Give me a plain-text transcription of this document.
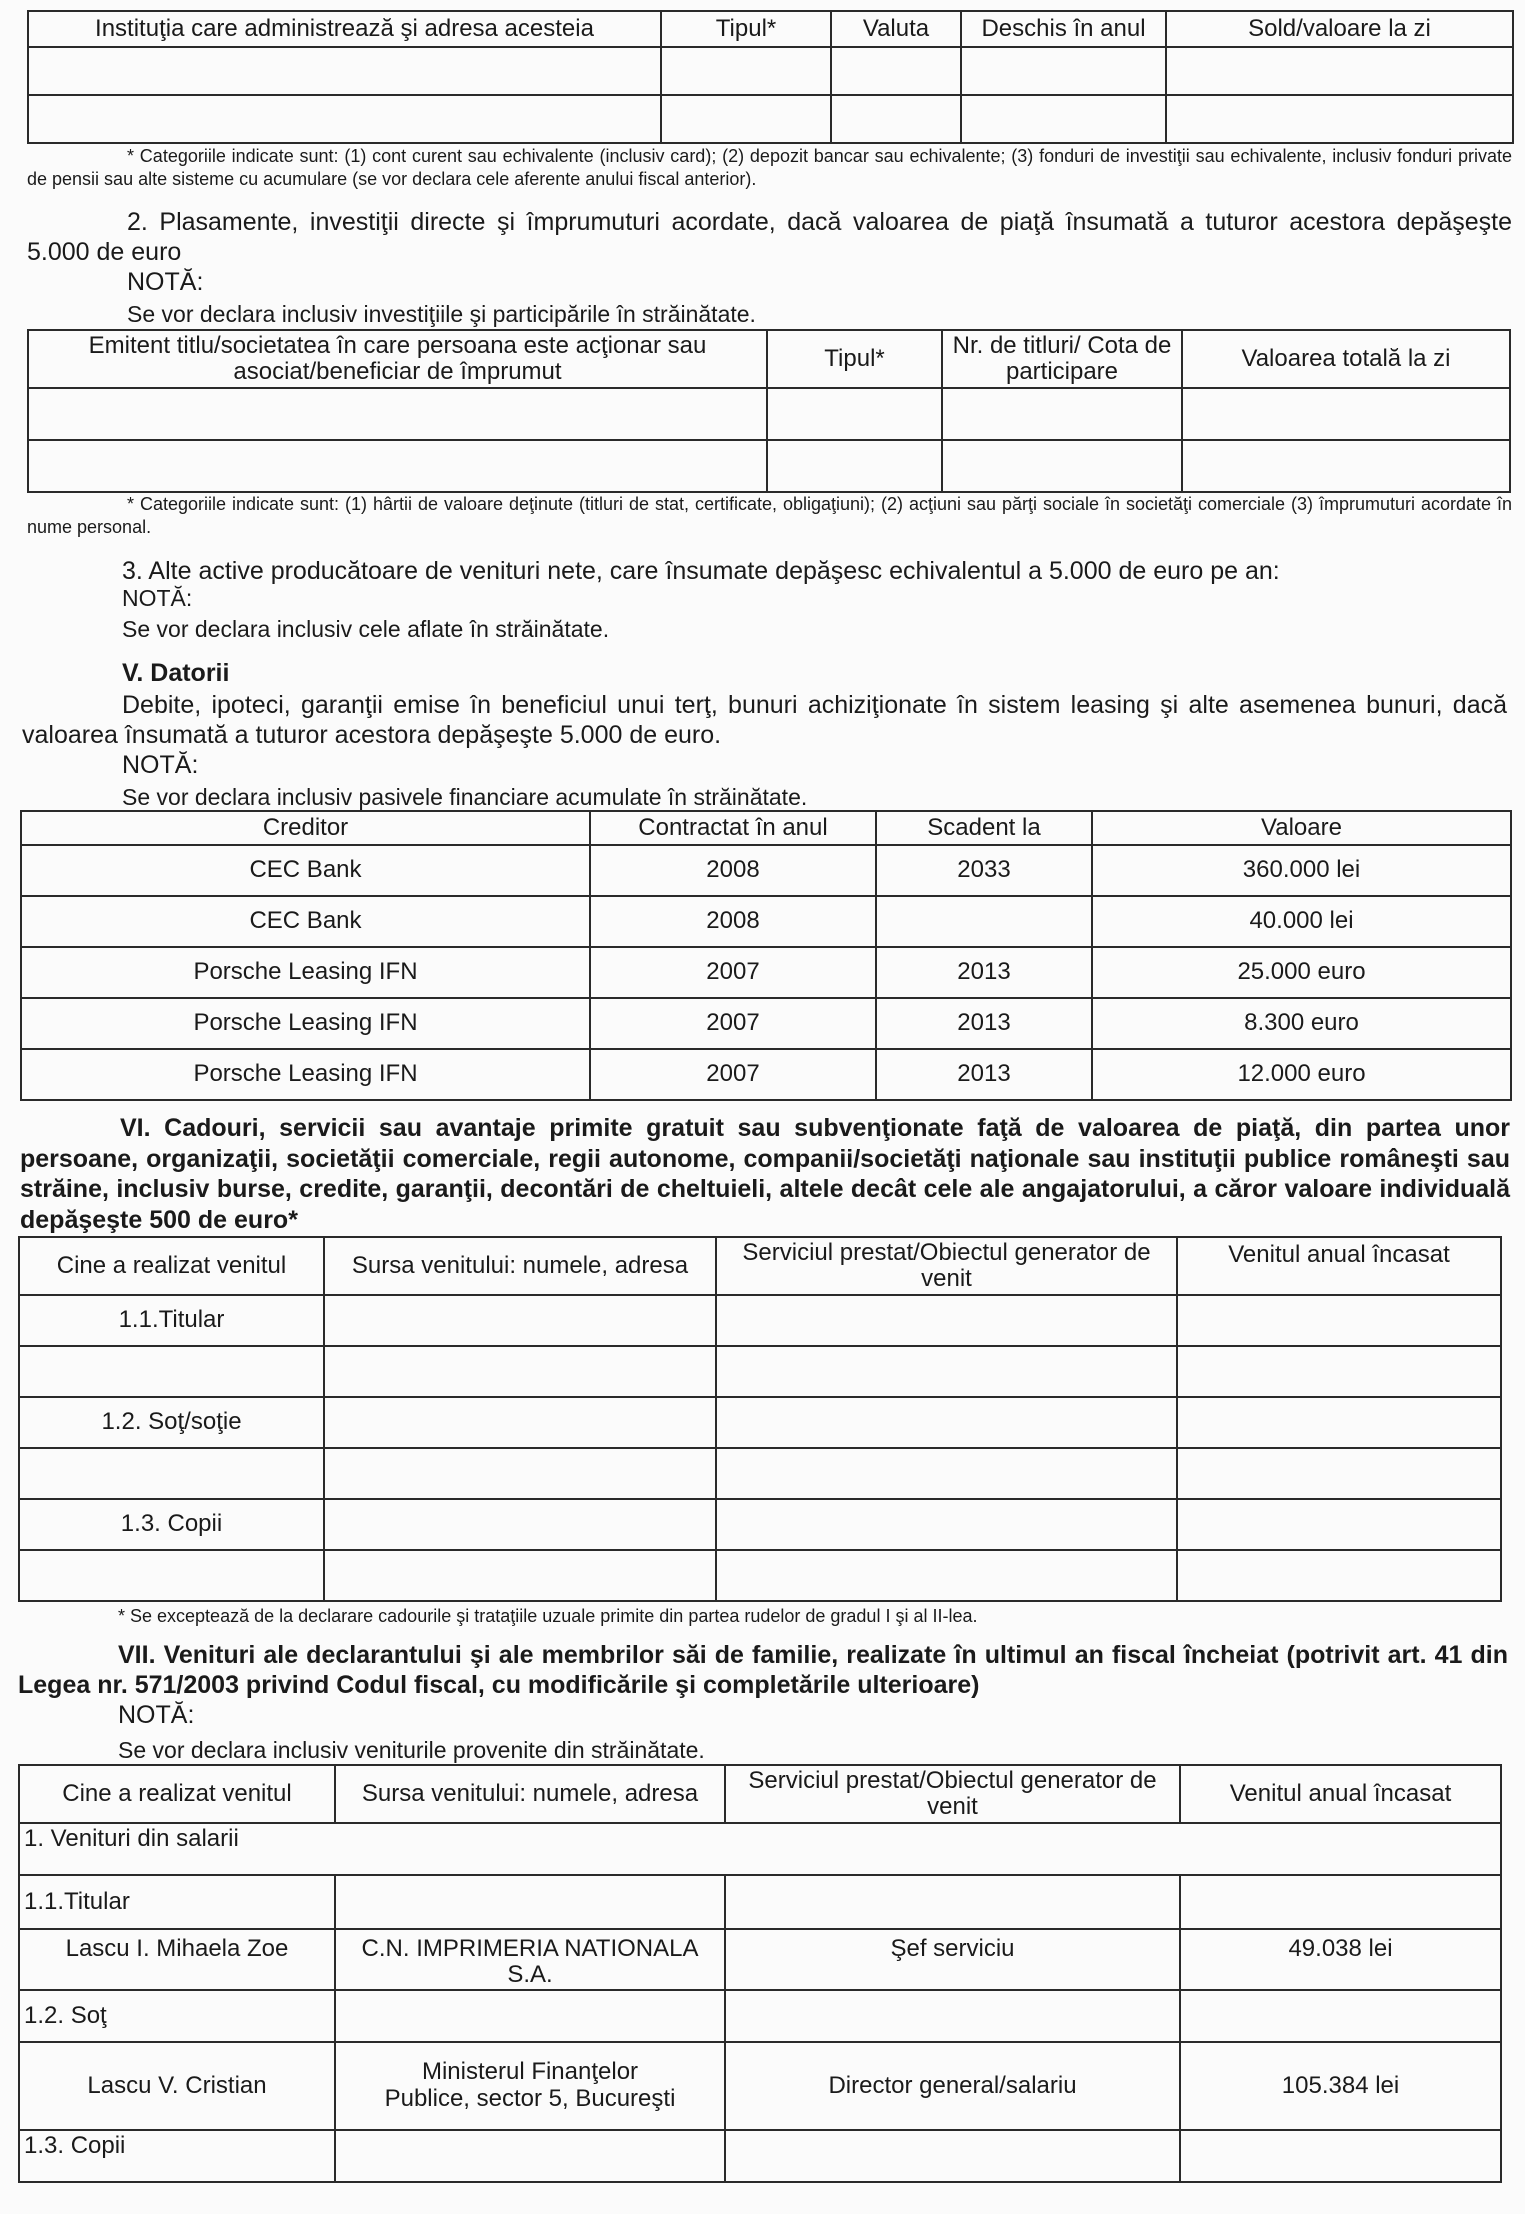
Instituţia care administrează şi adresa acesteia	Tipul*	Valuta	Deschis în anul	Sold/valoare la zi

* Categoriile indicate sunt: (1) cont curent sau echivalente (inclusiv card); (2) depozit bancar sau echivalente; (3) fonduri de investiţii sau echivalente, inclusiv fonduri private de pensii sau alte sisteme cu acumulare (se vor declara cele aferente anului fiscal anterior).
2. Plasamente, investiţii directe şi împrumuturi acordate, dacă valoarea de piaţă însumată a tuturor acestora depăşeşte 5.000 de euro
NOTĂ:
Se vor declara inclusiv investiţiile şi participările în străinătate.
Emitent titlu/societatea în care persoana este acţionar sau asociat/beneficiar de împrumut	Tipul*	Nr. de titluri/ Cota de participare	Valoarea totală la zi

* Categoriile indicate sunt: (1) hârtii de valoare deţinute (titluri de stat, certificate, obligaţiuni); (2) acţiuni sau părţi sociale în societăţi comerciale (3) împrumuturi acordate în nume personal.
3. Alte active producătoare de venituri nete, care însumate depăşesc echivalentul a 5.000 de euro pe an:
NOTĂ:
Se vor declara inclusiv cele aflate în străinătate.
V. Datorii
Debite, ipoteci, garanţii emise în beneficiul unui terţ, bunuri achiziţionate în sistem leasing şi alte asemenea bunuri, dacă valoarea însumată a tuturor acestora depăşeşte 5.000 de euro.
NOTĂ:
Se vor declara inclusiv pasivele financiare acumulate în străinătate.
Creditor	Contractat în anul	Scadent la	Valoare
CEC Bank	2008	2033	360.000 lei
CEC Bank	2008		40.000 lei
Porsche Leasing IFN	2007	2013	25.000 euro
Porsche Leasing IFN	2007	2013	8.300 euro
Porsche Leasing IFN	2007	2013	12.000 euro
VI. Cadouri, servicii sau avantaje primite gratuit sau subvenţionate faţă de valoarea de piaţă, din partea unor persoane, organizaţii, societăţii comerciale, regii autonome, companii/societăţi naţionale sau instituţii publice româneşti sau străine, inclusiv burse, credite, garanţii, decontări de cheltuieli, altele decât cele ale angajatorului, a căror valoare individuală depăşeşte 500 de euro*
Cine a realizat venitul	Sursa venitului: numele, adresa	Serviciul prestat/Obiectul generator de venit	Venitul anual încasat
1.1.Titular			

1.2. Soţ/soţie			

1.3. Copii			

* Se exceptează de la declarare cadourile şi trataţiile uzuale primite din partea rudelor de gradul I şi al II-lea.
VII. Venituri ale declarantului şi ale membrilor săi de familie, realizate în ultimul an fiscal încheiat (potrivit art. 41 din Legea nr. 571/2003 privind Codul fiscal, cu modificările şi completările ulterioare)
NOTĂ:
Se vor declara inclusiv veniturile provenite din străinătate.
Cine a realizat venitul	Sursa venitului: numele, adresa	Serviciul prestat/Obiectul generator de venit	Venitul anual încasat
1. Venituri din salarii			
1.1.Titular			
Lascu I. Mihaela Zoe	C.N. IMPRIMERIA NATIONALA S.A.	Şef serviciu	49.038 lei
1.2. Soţ			
Lascu V. Cristian	Ministerul Finanţelor Publice, sector 5, Bucureşti	Director general/salariu	105.384 lei
1.3. Copii			
